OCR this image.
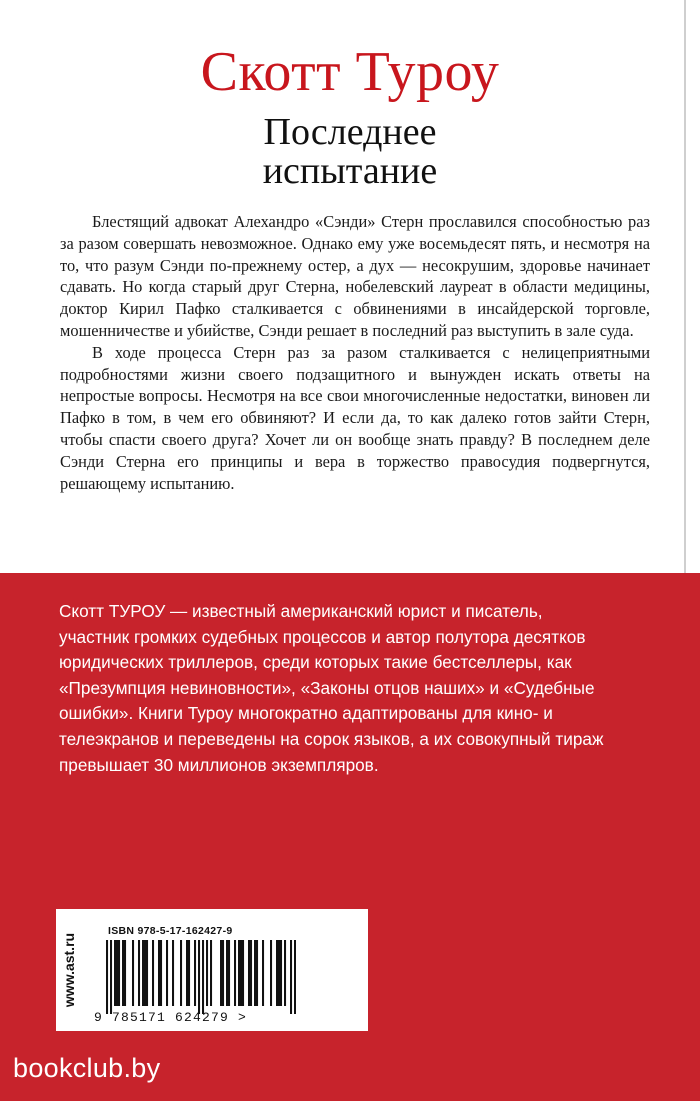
Скотт Туроу
Последнее
испытание

Блестящий адвокат Алехандро «Сэнди» Стерн прославился способностью раз за разом совершать невозможное. Однако ему уже восемьдесят пять, и несмотря на то, что разум Сэнди по-прежнему остер, а дух — несокрушим, здоровье начинает сдавать. Но когда старый друг Стерна, нобелевский лауреат в области медицины, доктор Кирил Пафко сталкивается с обвинениями в инсайдерской торговле, мошенничестве и убийстве, Сэнди решает в последний раз выступить в зале суда.

В ходе процесса Стерн раз за разом сталкивается с нелицеприятными подробностями жизни своего подзащитного и вынужден искать ответы на непростые вопросы. Несмотря на все свои многочисленные недостатки, виновен ли Пафко в том, в чем его обвиняют? И если да, то как далеко готов зайти Стерн, чтобы спасти своего друга? Хочет ли он вообще знать правду? В последнем деле Сэнди Стерна его принципы и вера в торжество правосудия подвергнутся, решающему испытанию.

Скотт ТУРОУ — известный американский юрист и писатель,
участник громких судебных процессов и автор полутора десятков
юридических триллеров, среди которых такие бестселлеры, как
«Презумпция невиновности», «Законы отцов наших» и «Судебные
ошибки». Книги Туроу многократно адаптированы для кино- и
телеэкранов и переведены на сорок языков, а их совокупный тираж
превышает 30 миллионов экземпляров.
www.ast.ru
ISBN 978-5-17-162427-9
9 785171 624279 >
bookclub.by
